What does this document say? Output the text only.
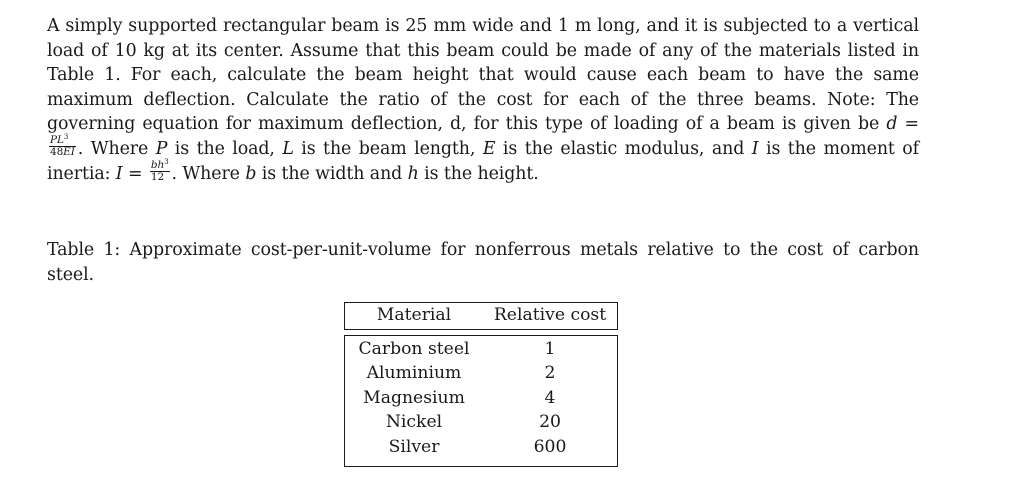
A simply supported rectangular beam is 25 mm wide and 1 m long, and it is subjected to a vertical load of 10 kg at its center. Assume that this beam could be made of any of the materials listed in Table 1. For each, calculate the beam height that would cause each beam to have the same maximum deflection. Calculate the ratio of the cost for each of the three beams. Note: The governing equation for maximum deflection, d, for this type of loading of a beam is given be d =
$\frac{PL^3}{48EI}$ . Where P is the load, L is the beam length, E is the elastic modulus, and I is the moment of inertia: $I = \frac{bh^3}{12}$ . Where b is the width and h is the height.
Table 1: Approximate cost-per-unit-volume for nonferrous metals relative to the cost of carbon steel.
Material	Relative cost
Carbon steel	1
Aluminium	2
Magnesium	4
Nickel	20
Silver	600
